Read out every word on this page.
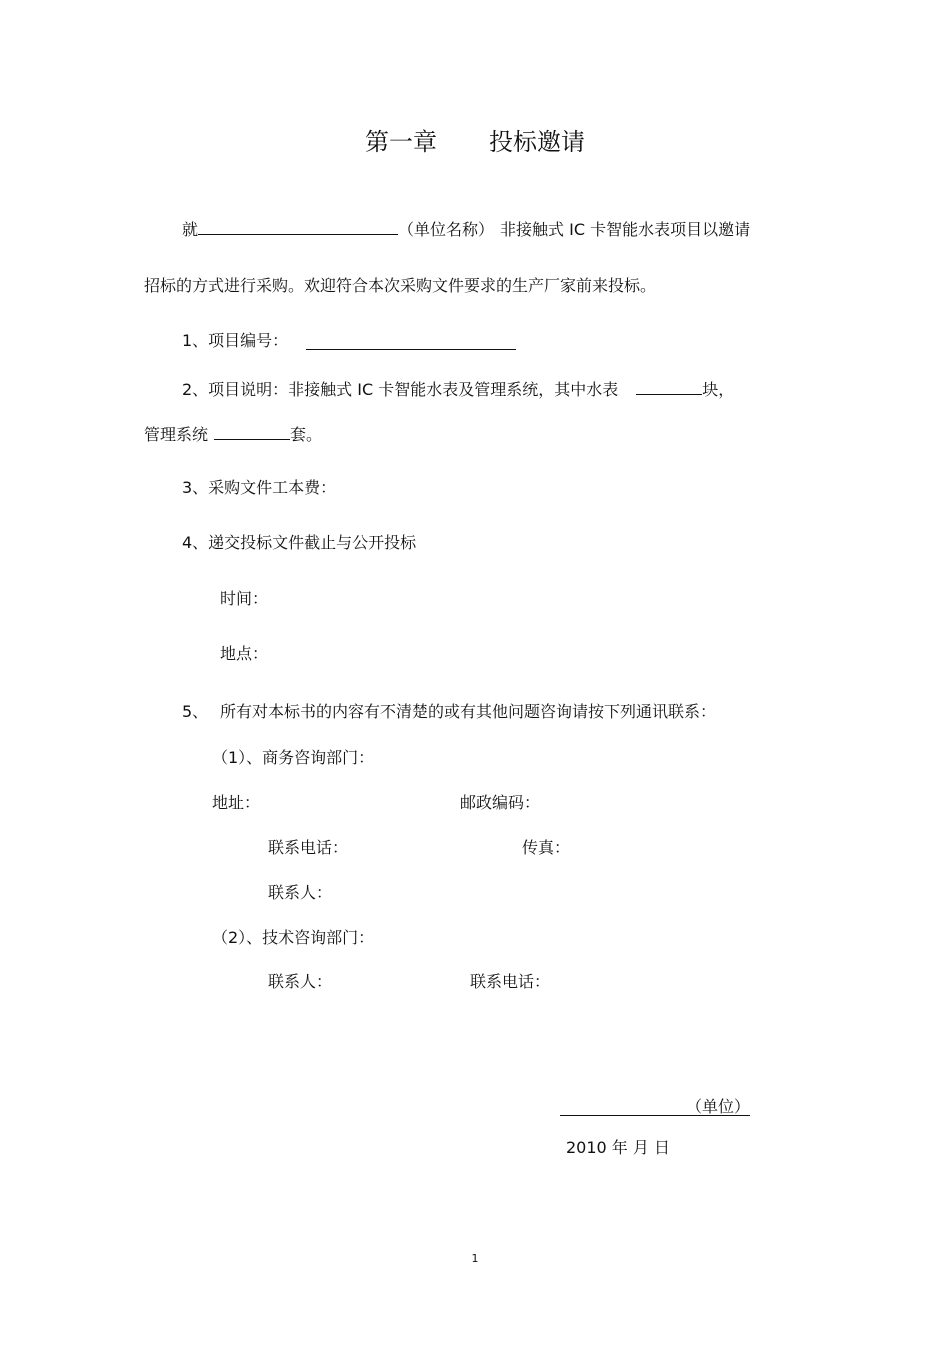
第一章 投标邀请
就	（单位名称） 非接触式 IC 卡智能水表项目以邀请
招标的方式进行采购。欢迎符合本次采购文件要求的生产厂家前来投标。
1、项目编号：
2、项目说明：非接触式 IC 卡智能水表及管理系统，其中水表	块，
管理系统	套。
3、采购文件工本费：
4、递交投标文件截止与公开投标
时间：
地点：
5、 所有对本标书的内容有不清楚的或有其他问题咨询请按下列通讯联系：
（1）、商务咨询部门：
地址：	邮政编码：
联系电话：	传真：
联系人：
（2）、技术咨询部门：
联系人：	联系电话：
（单位）
2010 年 月 日
1
